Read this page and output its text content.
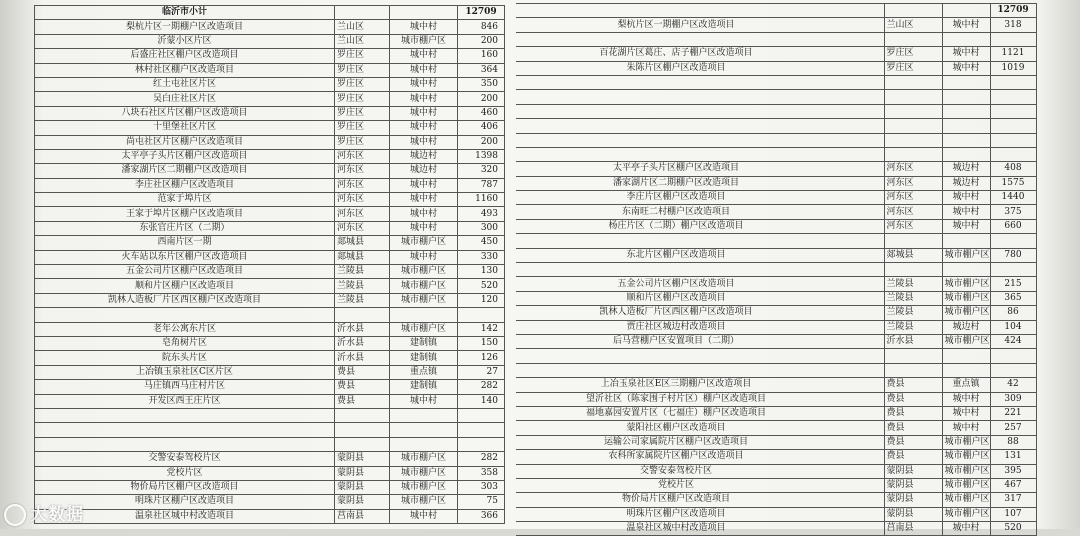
临沂市小计			12709
梨杭片区一期棚户区改造项目	兰山区	城中村	846
沂蒙小区片区	兰山区	城市棚户区	200
后盛庄社区棚户区改造项目	罗庄区	城中村	160
林村社区棚户区改造项目	罗庄区	城中村	364
红土屯社区片区	罗庄区	城中村	350
吴白庄社区片区	罗庄区	城中村	200
八块石社区片区棚户区改造项目	罗庄区	城中村	460
十里堡社区片区	罗庄区	城中村	406
尚屯社区片区棚户区改造项目	罗庄区	城中村	200
太平亭子头片区棚户区改造项目	河东区	城边村	1398
潘家湖片区二期棚户区改造项目	河东区	城边村	320
李庄社区棚户区改造项目	河东区	城中村	787
范家于埠片区	河东区	城中村	1160
王家于埠片区棚户区改造项目	河东区	城中村	493
东张官庄片区（二期）	河东区	城中村	300
西南片区一期	郯城县	城市棚户区	450
火车站以东片区棚户区改造项目	郯城县	城中村	330
五金公司片区棚户区改造项目	兰陵县	城市棚户区	130
顺和片区棚户区改造项目	兰陵县	城市棚户区	520
凯林人造板厂片区西区棚户区改造项目	兰陵县	城市棚户区	120

老年公寓东片区	沂水县	城市棚户区	142
皂角树片区	沂水县	建制镇	150
院东头片区	沂水县	建制镇	126
上冶镇玉泉社区C区片区	费县	重点镇	27
马庄镇西马庄村片区	费县	建制镇	282
开发区西王庄片区	费县	城中村	140

交警安泰驾校片区	蒙阴县	城市棚户区	282
党校片区	蒙阴县	城市棚户区	358
物价局片区棚户区改造项目	蒙阴县	城市棚户区	303
明珠片区棚户区改造项目	蒙阴县	城市棚户区	75
温泉社区城中村改造项目	莒南县	城中村	366
				12709
梨杭片区一期棚户区改造项目		兰山区	城中村	318

百花湖片区葛庄、店子棚户区改造项目		罗庄区	城中村	1121
朱陈片区棚户区改造项目		罗庄区	城中村	1019

太平亭子头片区棚户区改造项目		河东区	城边村	408
潘家湖片区二期棚户区改造项目		河东区	城边村	1575
李庄片区棚户区改造项目		河东区	城中村	1440
东南旺二村棚户区改造项目		河东区	城中村	375
杨庄片区（二期）棚户区改造项目		河东区	城中村	660

东北片区棚户区改造项目		郯城县	城市棚户区	780

五金公司片区棚户区改造项目		兰陵县	城市棚户区	215
顺和片区棚户区改造项目		兰陵县	城市棚户区	365
凯林人造板厂片区西区棚户区改造项目		兰陵县	城市棚户区	86
贾庄社区城边村改造项目		兰陵县	城边村	104
后马营棚户区安置项目（二期）		沂水县	城市棚户区	424

上冶玉泉社区E区三期棚户区改造项目		费县	重点镇	42
望沂社区（陈家围子村片区）棚户区改造项目		费县	城中村	309
福地嘉园安置片区（七福庄）棚户区改造项目		费县	城中村	221
蒙阳社区棚户区改造项目		费县	城中村	257
运输公司家属院片区棚户区改造项目		费县	城市棚户区	88
农科所家属院片区棚户区改造项目		费县	城市棚户区	131
交警安泰驾校片区		蒙阴县	城市棚户区	395
党校片区		蒙阴县	城市棚户区	467
物价局片区棚户区改造项目		蒙阴县	城市棚户区	317
明珠片区棚户区改造项目		蒙阴县	城市棚户区	107
温泉社区城中村改造项目		莒南县	城中村	520
大数据
